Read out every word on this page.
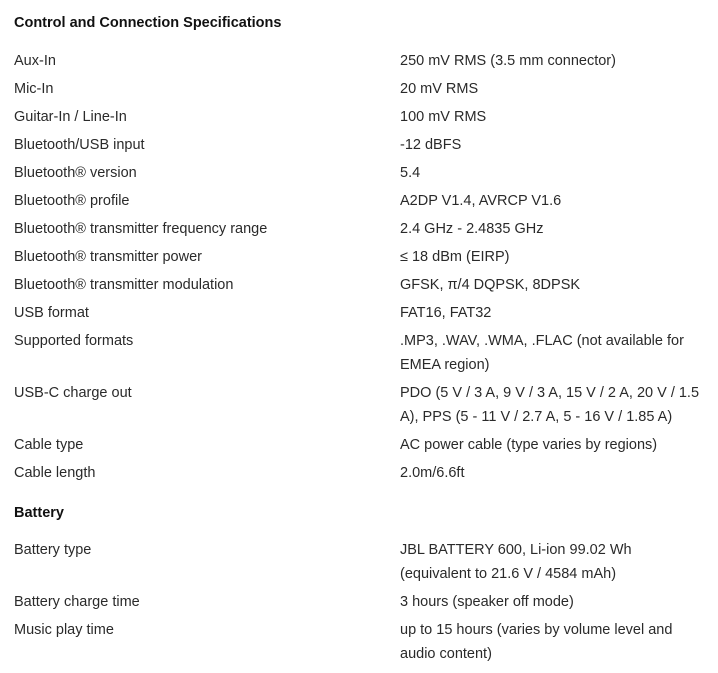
Control and Connection Specifications
Aux-In	250 mV RMS (3.5 mm connector)
Mic-In	20 mV RMS
Guitar-In / Line-In	100 mV RMS
Bluetooth/USB input	-12 dBFS
Bluetooth® version	5.4
Bluetooth® profile	A2DP V1.4, AVRCP V1.6
Bluetooth® transmitter frequency range	2.4 GHz - 2.4835 GHz
Bluetooth® transmitter power	≤ 18 dBm (EIRP)
Bluetooth® transmitter modulation	GFSK, π/4 DQPSK, 8DPSK
USB format	FAT16, FAT32
Supported formats	.MP3, .WAV, .WMA, .FLAC (not available for EMEA region)
USB-C charge out	PDO (5 V / 3 A, 9 V / 3 A, 15 V / 2 A, 20 V / 1.5 A), PPS (5 - 11 V / 2.7 A, 5 - 16 V / 1.85 A)
Cable type	AC power cable (type varies by regions)
Cable length	2.0m/6.6ft
Battery
Battery type	JBL BATTERY 600, Li-ion 99.02 Wh (equivalent to 21.6 V / 4584 mAh)
Battery charge time	3 hours (speaker off mode)
Music play time	up to 15 hours (varies by volume level and audio content)
